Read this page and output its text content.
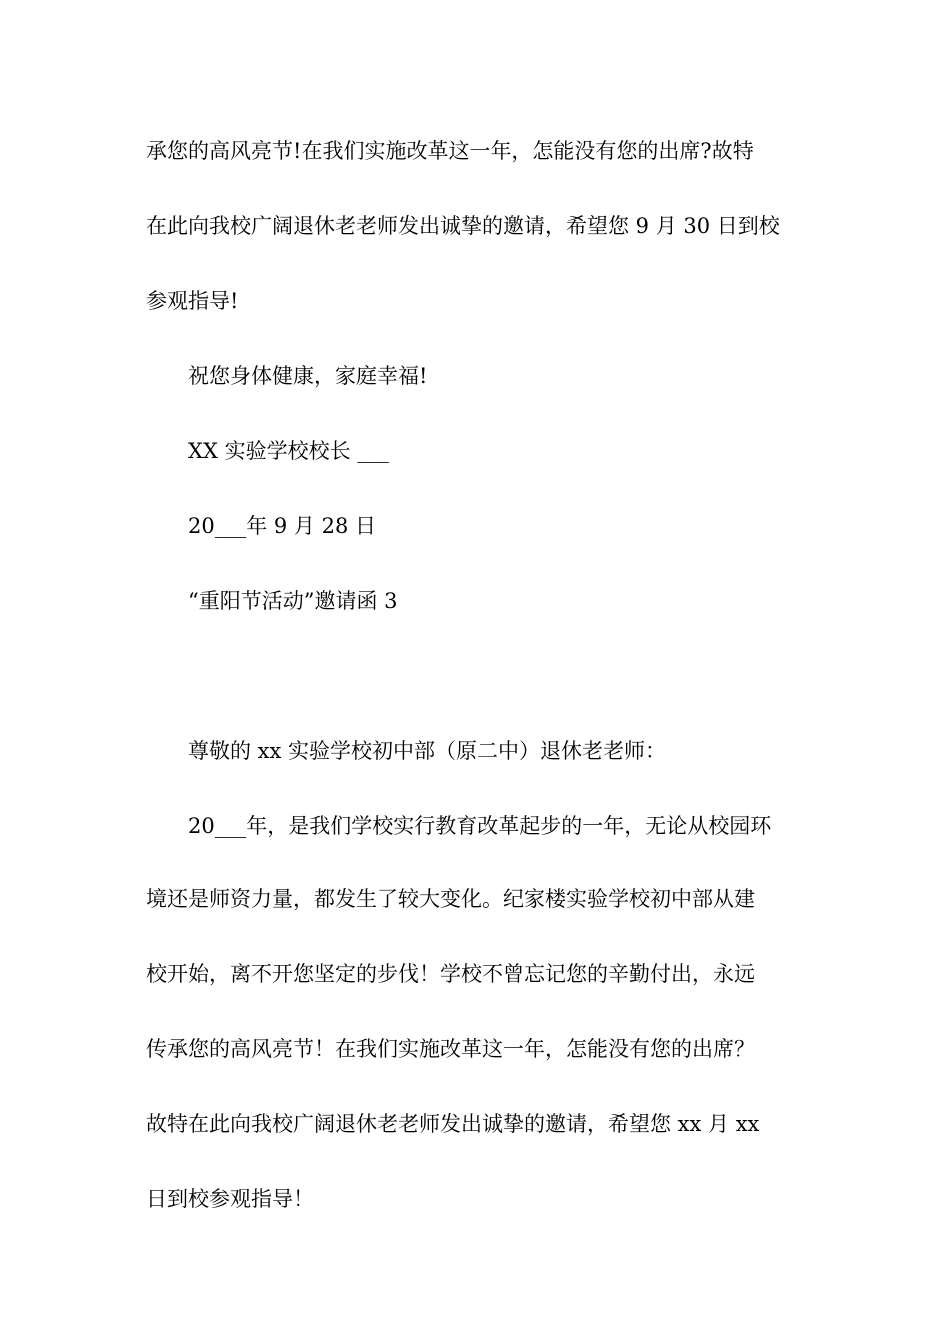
承您的高风亮节!在我们实施改革这一年，怎能没有您的出席?故特
在此向我校广阔退休老老师发出诚挚的邀请，希望您 9 月 30 日到校
参观指导!
祝您身体健康，家庭幸福!
XX 实验学校校长 ___
20___年 9 月 28 日
“重阳节活动”邀请函 3
尊敬的 xx 实验学校初中部（原二中）退休老老师：
20___年，是我们学校实行教育改革起步的一年，无论从校园环
境还是师资力量，都发生了较大变化。纪家楼实验学校初中部从建
校开始，离不开您坚定的步伐！学校不曾忘记您的辛勤付出，永远
传承您的高风亮节！在我们实施改革这一年，怎能没有您的出席？
故特在此向我校广阔退休老老师发出诚挚的邀请，希望您 xx 月 xx
日到校参观指导！
